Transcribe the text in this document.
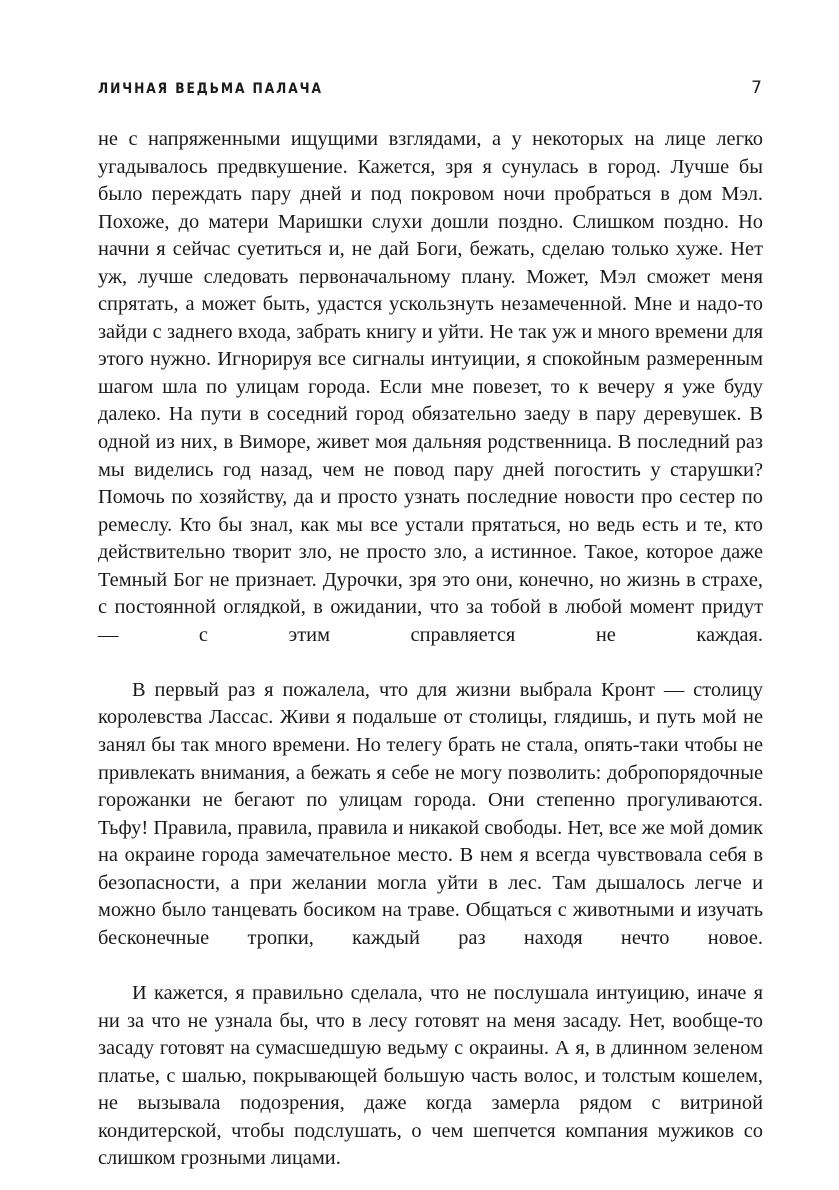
ЛИЧНАЯ ВЕДЬМА ПАЛАЧА	7

не с напряженными ищущими взглядами, а у некоторых на лице легко угадывалось предвкушение. Кажется, зря я сунулась в город. Лучше бы было переждать пару дней и под покровом ночи пробраться в дом Мэл. Похоже, до матери Маришки слухи дошли поздно. Слишком поздно. Но начни я сейчас суетиться и, не дай Боги, бежать, сделаю только хуже. Нет уж, лучше следовать первоначальному плану. Может, Мэл сможет меня спрятать, а может быть, удастся ускользнуть незамеченной. Мне и надо-то зайди с заднего входа, забрать книгу и уйти. Не так уж и много времени для этого нужно. Игнорируя все сигналы интуиции, я спокойным размеренным шагом шла по улицам города. Если мне повезет, то к вечеру я уже буду далеко. На пути в соседний город обязательно заеду в пару деревушек. В одной из них, в Виморе, живет моя дальняя родственница. В последний раз мы виделись год назад, чем не повод пару дней погостить у старушки? Помочь по хозяйству, да и просто узнать последние новости про сестер по ремеслу. Кто бы знал, как мы все устали прятаться, но ведь есть и те, кто действительно творит зло, не просто зло, а истинное. Такое, которое даже Темный Бог не признает. Дурочки, зря это они, конечно, но жизнь в страхе, с постоянной оглядкой, в ожидании, что за тобой в любой момент придут — с этим справляется не каждая.

В первый раз я пожалела, что для жизни выбрала Кронт — столицу королевства Лассас. Живи я подальше от столицы, глядишь, и путь мой не занял бы так много времени. Но телегу брать не стала, опять-таки чтобы не привлекать внимания, а бежать я себе не могу позволить: добропорядочные горожанки не бегают по улицам города. Они степенно прогуливаются. Тьфу! Правила, правила, правила и никакой свободы. Нет, все же мой домик на окраине города замечательное место. В нем я всегда чувствовала себя в безопасности, а при желании могла уйти в лес. Там дышалось легче и можно было танцевать босиком на траве. Общаться с животными и изучать бесконечные тропки, каждый раз находя нечто новое.

И кажется, я правильно сделала, что не послушала интуицию, иначе я ни за что не узнала бы, что в лесу готовят на меня засаду. Нет, вообще-то засаду готовят на сумасшедшую ведьму с окраины. А я, в длинном зеленом платье, с шалью, покрывающей большую часть волос, и толстым кошелем, не вызывала подозрения, даже когда замерла рядом с витриной кондитерской, чтобы подслушать, о чем шепчется компания мужиков со слишком грозными лицами.
